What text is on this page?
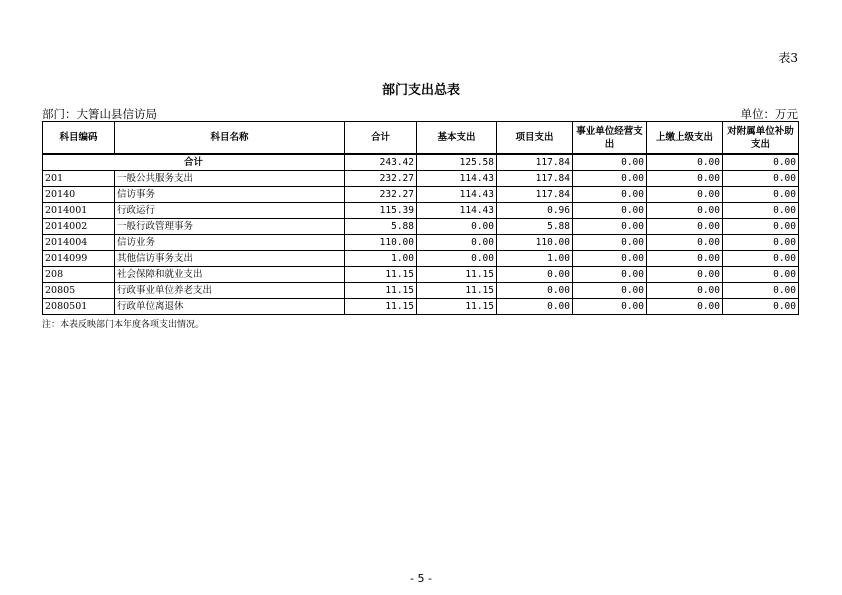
表3
部门支出总表
部门：大箐山县信访局	单位：万元
科目编码	科目名称	合计	基本支出	项目支出	事业单位经营支出	上缴上级支出	对附属单位补助支出
合计		243.42	125.58	117.84	0.00	0.00	0.00
201	一般公共服务支出	232.27	114.43	117.84	0.00	0.00	0.00
20140	信访事务	232.27	114.43	117.84	0.00	0.00	0.00
2014001	行政运行	115.39	114.43	0.96	0.00	0.00	0.00
2014002	一般行政管理事务	5.88	0.00	5.88	0.00	0.00	0.00
2014004	信访业务	110.00	0.00	110.00	0.00	0.00	0.00
2014099	其他信访事务支出	1.00	0.00	1.00	0.00	0.00	0.00
208	社会保障和就业支出	11.15	11.15	0.00	0.00	0.00	0.00
20805	行政事业单位养老支出	11.15	11.15	0.00	0.00	0.00	0.00
2080501	行政单位离退休	11.15	11.15	0.00	0.00	0.00	0.00
注：本表反映部门本年度各项支出情况。
- 5 -
